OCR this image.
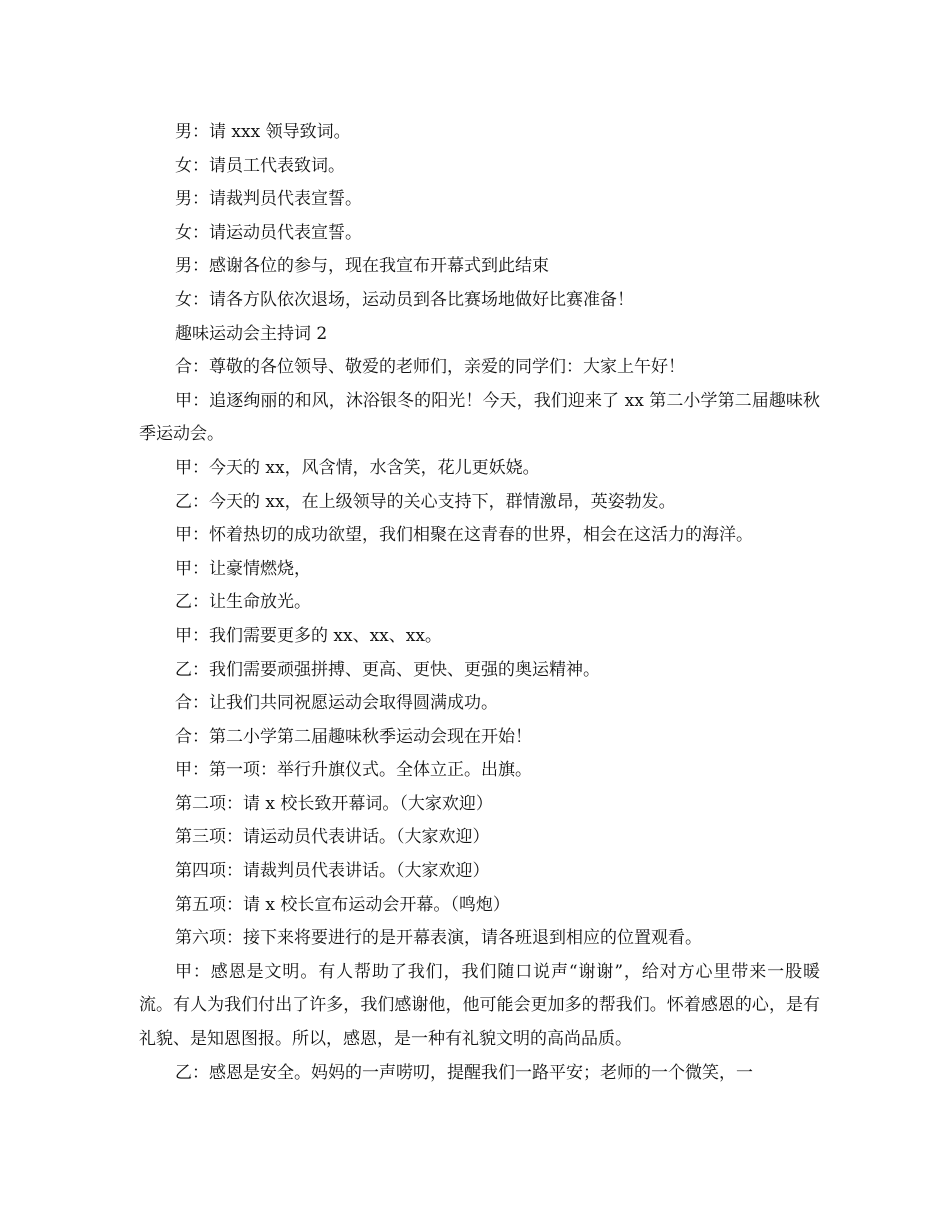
男：请 xxx 领导致词。

女：请员工代表致词。

男：请裁判员代表宣誓。

女：请运动员代表宣誓。

男：感谢各位的参与，现在我宣布开幕式到此结束

女：请各方队依次退场，运动员到各比赛场地做好比赛准备！

趣味运动会主持词 2

合：尊敬的各位领导、敬爱的老师们，亲爱的同学们：大家上午好！

甲：追逐绚丽的和风，沐浴银冬的阳光！今天，我们迎来了 xx 第二小学第二届趣味秋季运动会。

甲：今天的 xx，风含情，水含笑，花儿更妖娆。

乙：今天的 xx，在上级领导的关心支持下，群情激昂，英姿勃发。

甲：怀着热切的成功欲望，我们相聚在这青春的世界，相会在这活力的海洋。

甲：让豪情燃烧，

乙：让生命放光。

甲：我们需要更多的 xx、xx、xx。

乙：我们需要顽强拼搏、更高、更快、更强的奥运精神。

合：让我们共同祝愿运动会取得圆满成功。

合：第二小学第二届趣味秋季运动会现在开始！

甲：第一项：举行升旗仪式。全体立正。出旗。

第二项：请 x 校长致开幕词。（大家欢迎）

第三项：请运动员代表讲话。（大家欢迎）

第四项：请裁判员代表讲话。（大家欢迎）

第五项：请 x 校长宣布运动会开幕。（鸣炮）

第六项：接下来将要进行的是开幕表演，请各班退到相应的位置观看。

甲：感恩是文明。有人帮助了我们，我们随口说声“谢谢”，给对方心里带来一股暖流。有人为我们付出了许多，我们感谢他，他可能会更加多的帮我们。怀着感恩的心，是有礼貌、是知恩图报。所以，感恩，是一种有礼貌文明的高尚品质。

乙：感恩是安全。妈妈的一声唠叨，提醒我们一路平安；老师的一个微笑，一
